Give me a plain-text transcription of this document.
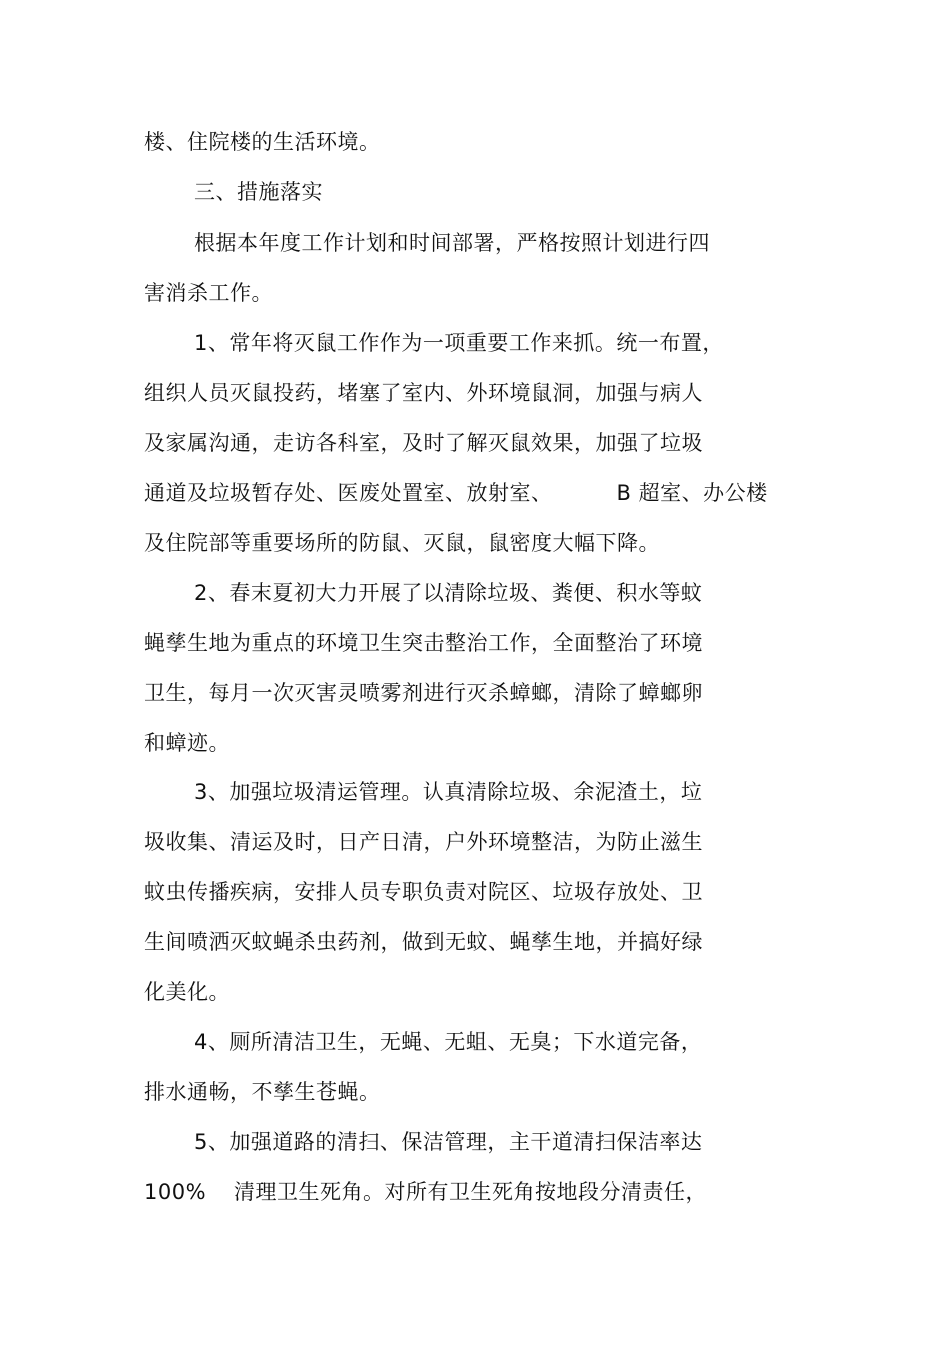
楼、住院楼的生活环境。
三、措施落实
根据本年度工作计划和时间部署，严格按照计划进行四
害消杀工作。
1、常年将灭鼠工作作为一项重要工作来抓。统一布置，
组织人员灭鼠投药，堵塞了室内、外环境鼠洞，加强与病人
及家属沟通，走访各科室，及时了解灭鼠效果，加强了垃圾
通道及垃圾暂存处、医废处置室、放射室、	B 超室、办公楼
及住院部等重要场所的防鼠、灭鼠，鼠密度大幅下降。
2、春末夏初大力开展了以清除垃圾、粪便、积水等蚊
蝇孳生地为重点的环境卫生突击整治工作，全面整治了环境
卫生，每月一次灭害灵喷雾剂进行灭杀蟑螂，清除了蟑螂卵
和蟑迹。
3、加强垃圾清运管理。认真清除垃圾、余泥渣土，垃
圾收集、清运及时，日产日清，户外环境整洁，为防止滋生
蚊虫传播疾病，安排人员专职负责对院区、垃圾存放处、卫
生间喷洒灭蚊蝇杀虫药剂，做到无蚊、蝇孳生地，并搞好绿
化美化。
4、厕所清洁卫生，无蝇、无蛆、无臭；下水道完备，
排水通畅，不孳生苍蝇。
5、加强道路的清扫、保洁管理，主干道清扫保洁率达
100% 清理卫生死角。对所有卫生死角按地段分清责任，
